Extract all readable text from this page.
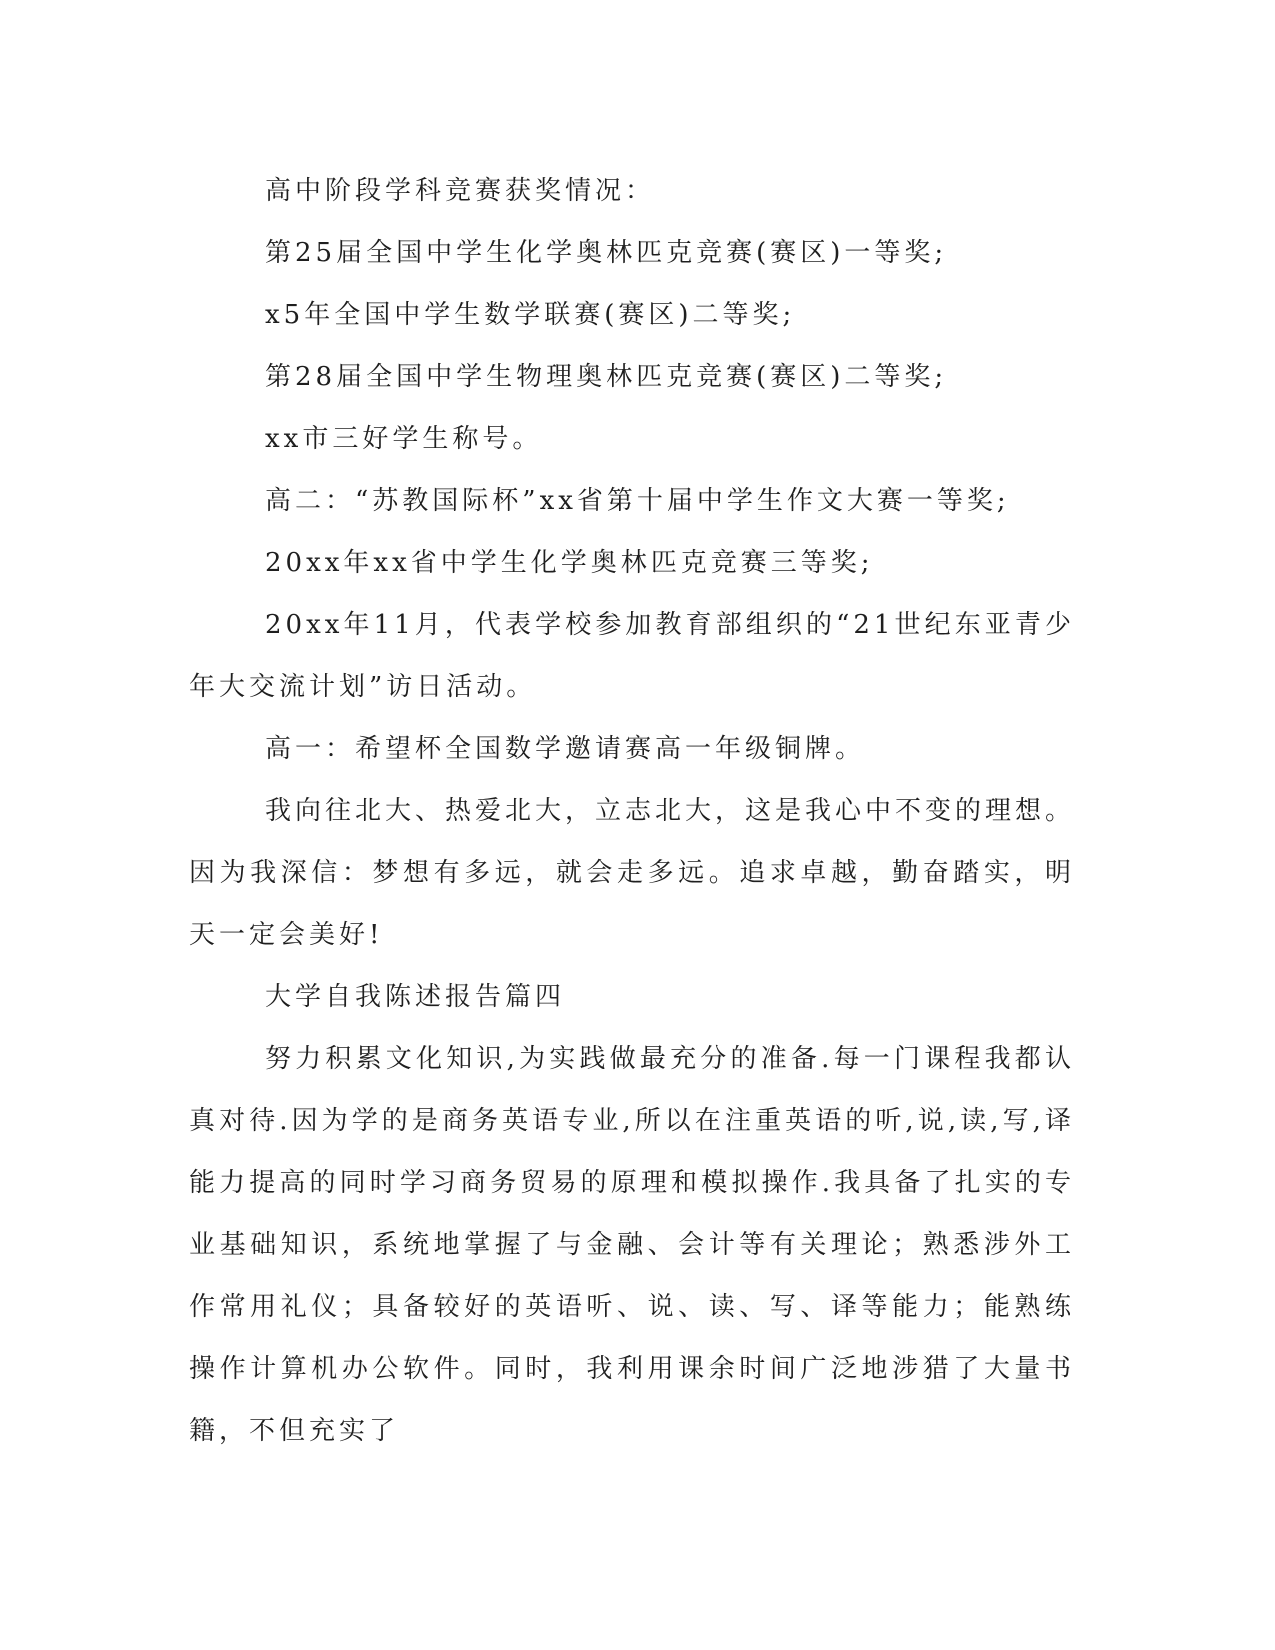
高中阶段学科竞赛获奖情况：

第25届全国中学生化学奥林匹克竞赛(赛区)一等奖;

x5年全国中学生数学联赛(赛区)二等奖;

第28届全国中学生物理奥林匹克竞赛(赛区)二等奖;

xx市三好学生称号。

高二：“苏教国际杯”xx省第十届中学生作文大赛一等奖;

20xx年xx省中学生化学奥林匹克竞赛三等奖;

20xx年11月，代表学校参加教育部组织的“21世纪东亚青少年大交流计划”访日活动。

高一：希望杯全国数学邀请赛高一年级铜牌。

我向往北大、热爱北大，立志北大，这是我心中不变的理想。因为我深信：梦想有多远，就会走多远。追求卓越，勤奋踏实，明天一定会美好!

大学自我陈述报告篇四

努力积累文化知识,为实践做最充分的准备.每一门课程我都认真对待.因为学的是商务英语专业,所以在注重英语的听,说,读,写,译能力提高的同时学习商务贸易的原理和模拟操作.我具备了扎实的专业基础知识，系统地掌握了与金融、会计等有关理论；熟悉涉外工作常用礼仪；具备较好的英语听、说、读、写、译等能力；能熟练操作计算机办公软件。同时，我利用课余时间广泛地涉猎了大量书籍，不但充实了
